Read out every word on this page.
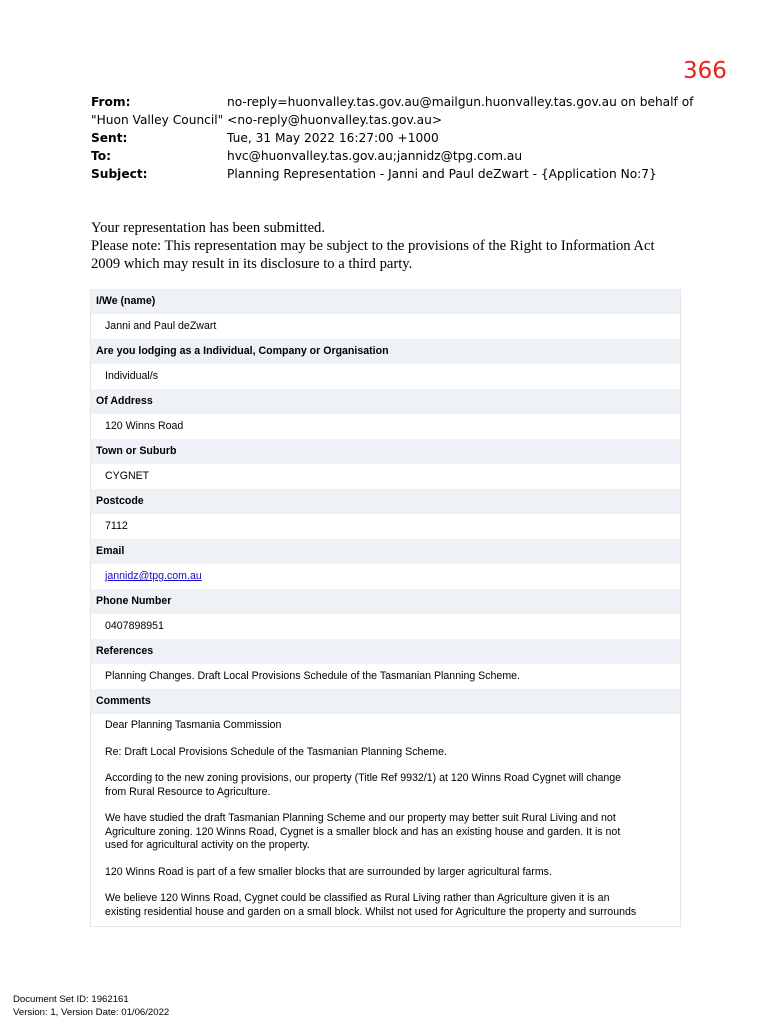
366
From:	no-reply=huonvalley.tas.gov.au@mailgun.huonvalley.tas.gov.au on behalf of
"Huon Valley Council" <no-reply@huonvalley.tas.gov.au>
Sent:	Tue, 31 May 2022 16:27:00 +1000
To:	hvc@huonvalley.tas.gov.au;jannidz@tpg.com.au
Subject:	Planning Representation - Janni and Paul deZwart - {Application No:7}
Your representation has been submitted.
Please note: This representation may be subject to the provisions of the Right to Information Act
2009 which may result in its disclosure to a third party.
I/We (name)
Janni and Paul deZwart
Are you lodging as a Individual, Company or Organisation
Individual/s
Of Address
120 Winns Road
Town or Suburb
CYGNET
Postcode
7112
Email
jannidz@tpg.com.au
Phone Number
0407898951
References
Planning Changes. Draft Local Provisions Schedule of the Tasmanian Planning Scheme.
Comments

Dear Planning Tasmania Commission

Re: Draft Local Provisions Schedule of the Tasmanian Planning Scheme.

According to the new zoning provisions, our property (Title Ref 9932/1) at 120 Winns Road Cygnet will change
from Rural Resource to Agriculture.

We have studied the draft Tasmanian Planning Scheme and our property may better suit Rural Living and not
Agriculture zoning. 120 Winns Road, Cygnet is a smaller block and has an existing house and garden. It is not
used for agricultural activity on the property.

120 Winns Road is part of a few smaller blocks that are surrounded by larger agricultural farms.

We believe 120 Winns Road, Cygnet could be classified as Rural Living rather than Agriculture given it is an
existing residential house and garden on a small block. Whilst not used for Agriculture the property and surrounds

Document Set ID: 1962161
Version: 1, Version Date: 01/06/2022
